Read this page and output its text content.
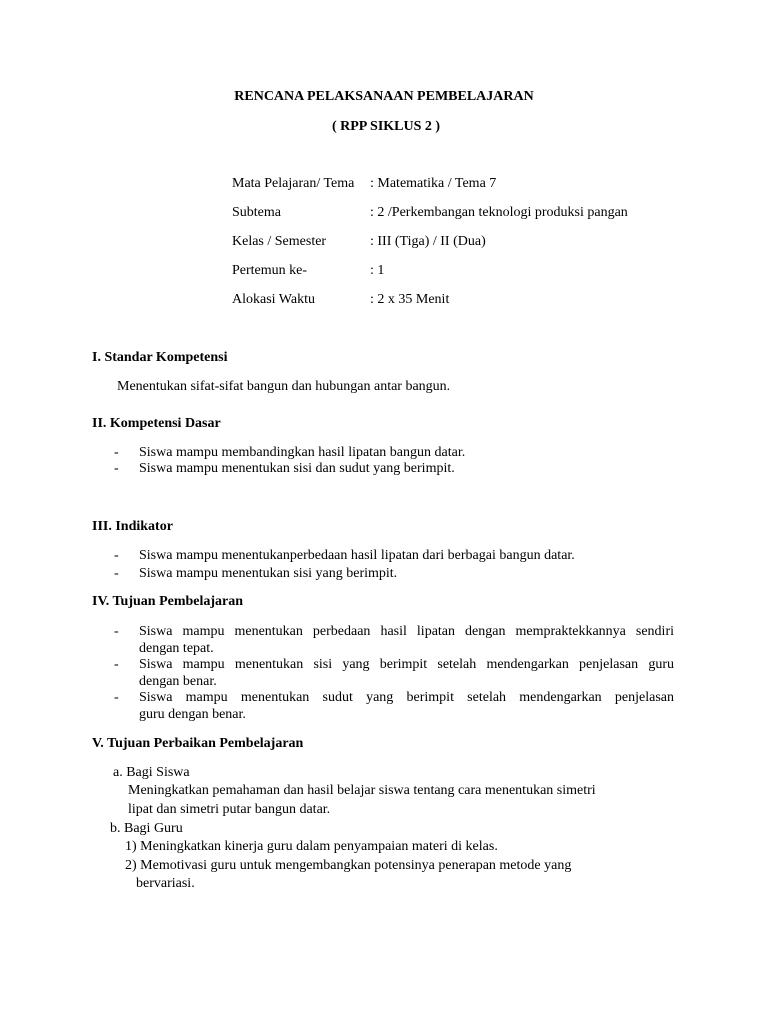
RENCANA PELAKSANAAN PEMBELAJARAN
( RPP SIKLUS 2 )
Mata Pelajaran/ Tema : Matematika / Tema 7
Subtema	: 2 /Perkembangan teknologi produksi pangan
Kelas / Semester	: III (Tiga) / II (Dua)
Pertemun ke-	: 1
Alokasi Waktu	: 2 x 35 Menit
I. Standar Kompetensi
Menentukan sifat-sifat bangun dan hubungan antar bangun.
II. Kompetensi Dasar
- Siswa mampu membandingkan hasil lipatan bangun datar.
- Siswa mampu menentukan sisi dan sudut yang berimpit.
III. Indikator
- Siswa mampu menentukanperbedaan hasil lipatan dari berbagai bangun datar.
- Siswa mampu menentukan sisi yang berimpit.
IV. Tujuan Pembelajaran
- Siswa mampu menentukan perbedaan hasil lipatan dengan mempraktekkannya sendiri
dengan tepat.
- Siswa mampu menentukan sisi yang berimpit setelah mendengarkan penjelasan guru
dengan benar.
- Siswa mampu menentukan sudut yang berimpit setelah mendengarkan penjelasan
guru dengan benar.
V. Tujuan Perbaikan Pembelajaran
a. Bagi Siswa
Meningkatkan pemahaman dan hasil belajar siswa tentang cara menentukan simetri
lipat dan simetri putar bangun datar.
b. Bagi Guru
1) Meningkatkan kinerja guru dalam penyampaian materi di kelas.
2) Memotivasi guru untuk mengembangkan potensinya penerapan metode yang
bervariasi.
